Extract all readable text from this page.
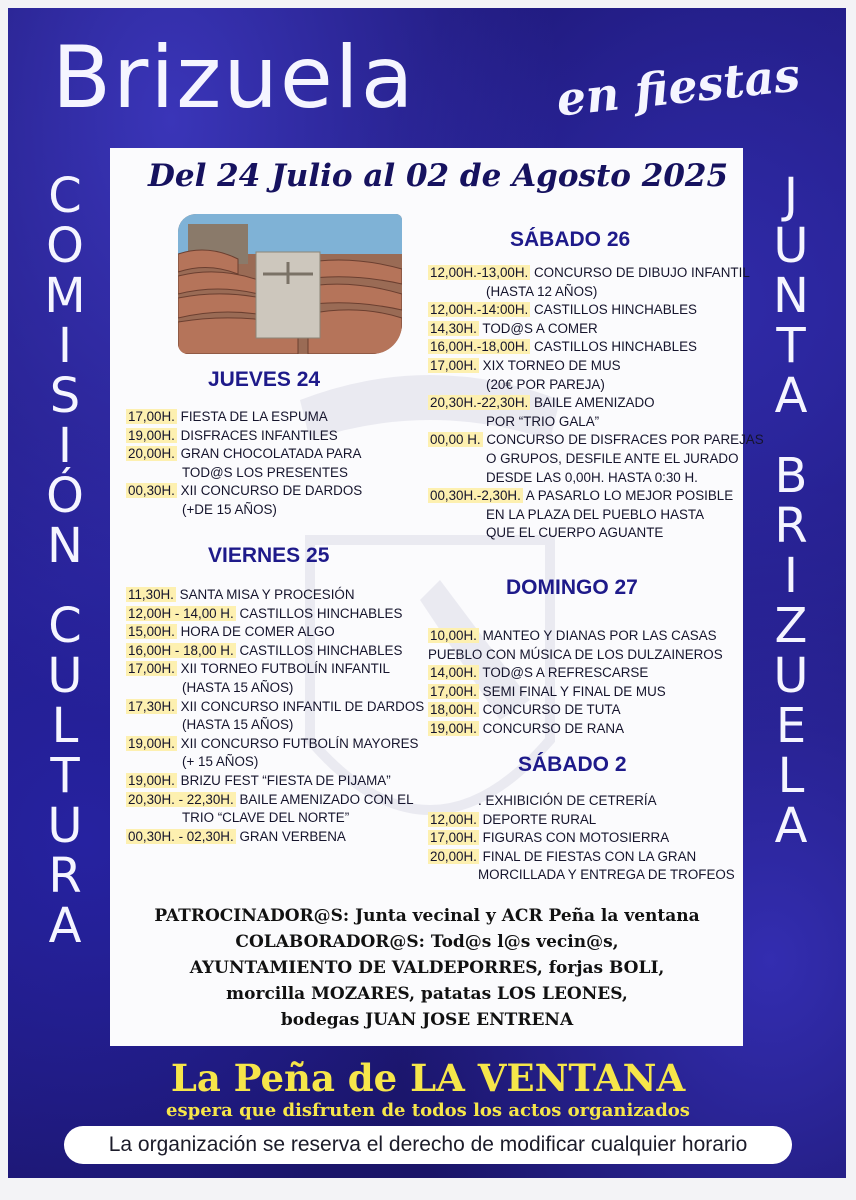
Brizuela	en fiestas
C
O
M
I
S
I
Ó
N
C
U
L
T
U
R
A
J
U
N
T
A
B
R
I
Z
U
E
L
A
Del 24 Julio al 02 de Agosto 2025
JUEVES 24
17,00H. FIESTA DE LA ESPUMA
19,00H. DISFRACES INFANTILES
20,00H. GRAN CHOCOLATADA PARA
TOD@S LOS PRESENTES
00,30H. XII CONCURSO DE DARDOS
(+DE 15 AÑOS)
VIERNES 25
11,30H. SANTA MISA Y PROCESIÓN
12,00H - 14,00 H. CASTILLOS HINCHABLES
15,00H. HORA DE COMER ALGO
16,00H - 18,00 H. CASTILLOS HINCHABLES
17,00H. XII TORNEO FUTBOLÍN INFANTIL
(HASTA 15 AÑOS)
17,30H. XII CONCURSO INFANTIL DE DARDOS
(HASTA 15 AÑOS)
19,00H. XII CONCURSO FUTBOLÍN MAYORES
(+ 15 AÑOS)
19,00H. BRIZU FEST “FIESTA DE PIJAMA”
20,30H. - 22,30H. BAILE AMENIZADO CON EL
TRIO “CLAVE DEL NORTE”
00,30H. - 02,30H. GRAN VERBENA
SÁBADO 26
12,00H.-13,00H. CONCURSO DE DIBUJO INFANTIL
(HASTA 12 AÑOS)
12,00H.-14:00H. CASTILLOS HINCHABLES
14,30H. TOD@S A COMER
16,00H.-18,00H. CASTILLOS HINCHABLES
17,00H. XIX TORNEO DE MUS
(20€ POR PAREJA)
20,30H.-22,30H. BAILE AMENIZADO
POR “TRIO GALA”
00,00 H. CONCURSO DE DISFRACES POR PAREJAS
O GRUPOS, DESFILE ANTE EL JURADO
DESDE LAS 0,00H. HASTA 0:30 H.
00,30H.-2,30H. A PASARLO LO MEJOR POSIBLE
EN LA PLAZA DEL PUEBLO HASTA
QUE EL CUERPO AGUANTE
DOMINGO 27
10,00H. MANTEO Y DIANAS POR LAS CASAS
PUEBLO CON MÚSICA DE LOS DULZAINEROS
14,00H. TOD@S A REFRESCARSE
17,00H. SEMI FINAL Y FINAL DE MUS
18,00H. CONCURSO DE TUTA
19,00H. CONCURSO DE RANA
SÁBADO 2
. EXHIBICIÓN DE CETRERÍA
12,00H. DEPORTE RURAL
17,00H. FIGURAS CON MOTOSIERRA
20,00H. FINAL DE FIESTAS CON LA GRAN
MORCILLADA Y ENTREGA DE TROFEOS
PATROCINADOR@S: Junta vecinal y ACR Peña la ventana
COLABORADOR@S: Tod@s l@s vecin@s,
AYUNTAMIENTO DE VALDEPORRES, forjas BOLI,
morcilla MOZARES, patatas LOS LEONES,
bodegas JUAN JOSE ENTRENA
La Peña de LA VENTANA
espera que disfruten de todos los actos organizados
La organización se reserva el derecho de modificar cualquier horario
